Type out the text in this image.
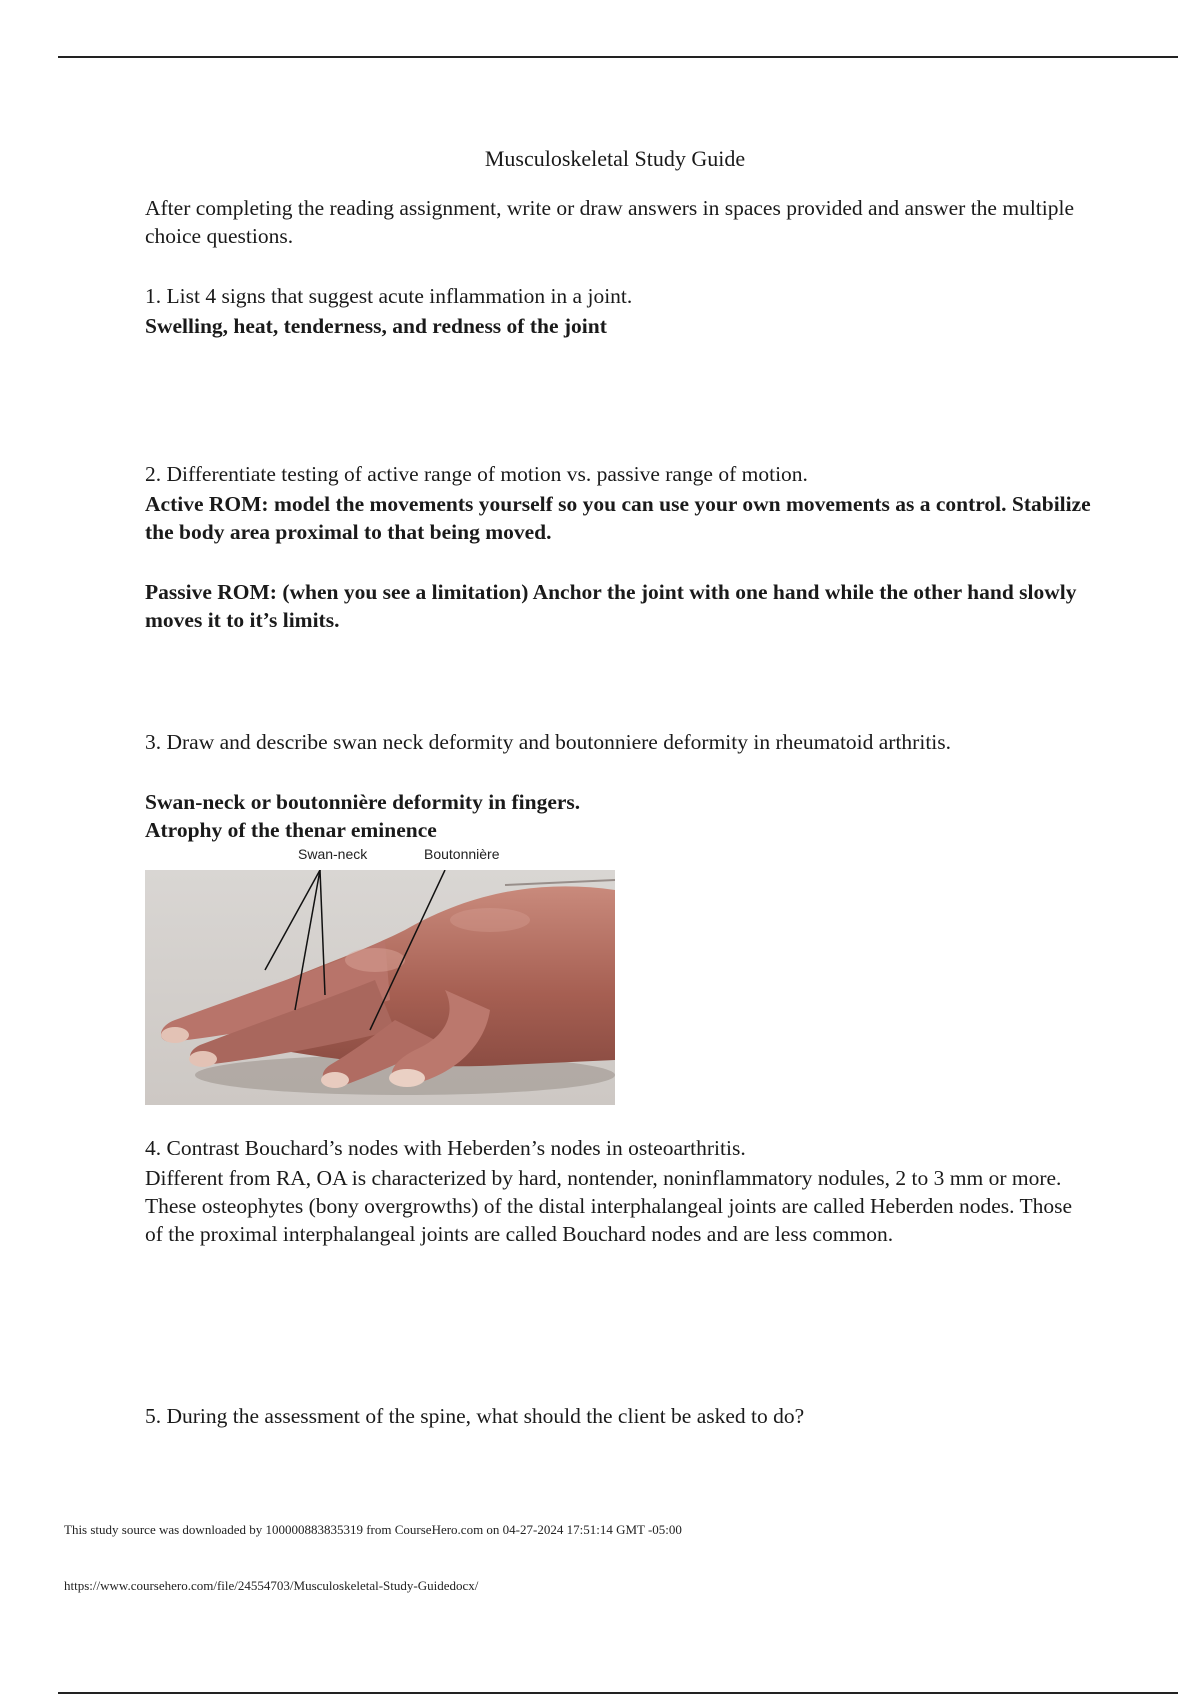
Musculoskeletal Study Guide
After completing the reading assignment, write or draw answers in spaces provided and answer the multiple choice questions.
1. List 4 signs that suggest acute inflammation in a joint.
Swelling, heat, tenderness, and redness of the joint
2. Differentiate testing of active range of motion vs. passive range of motion.
Active ROM: model the movements yourself so you can use your own movements as a control. Stabilize the body area proximal to that being moved.
Passive ROM: (when you see a limitation) Anchor the joint with one hand while the other hand slowly moves it to it’s limits.
3. Draw and describe swan neck deformity and boutonniere deformity in rheumatoid arthritis.
Swan-neck or boutonnière deformity in fingers.
Atrophy of the thenar eminence
4. Contrast Bouchard’s nodes with Heberden’s nodes in osteoarthritis.
Different from RA, OA is characterized by hard, nontender, noninflammatory nodules, 2 to 3 mm or more. These osteophytes (bony overgrowths) of the distal interphalangeal joints are called Heberden nodes. Those of the proximal interphalangeal joints are called Bouchard nodes and are less common.
5. During the assessment of the spine, what should the client be asked to do?
Swan-neck	Boutonnière
This study source was downloaded by 100000883835319 from CourseHero.com on 04-27-2024 17:51:14 GMT -05:00
https://www.coursehero.com/file/24554703/Musculoskeletal-Study-Guidedocx/
